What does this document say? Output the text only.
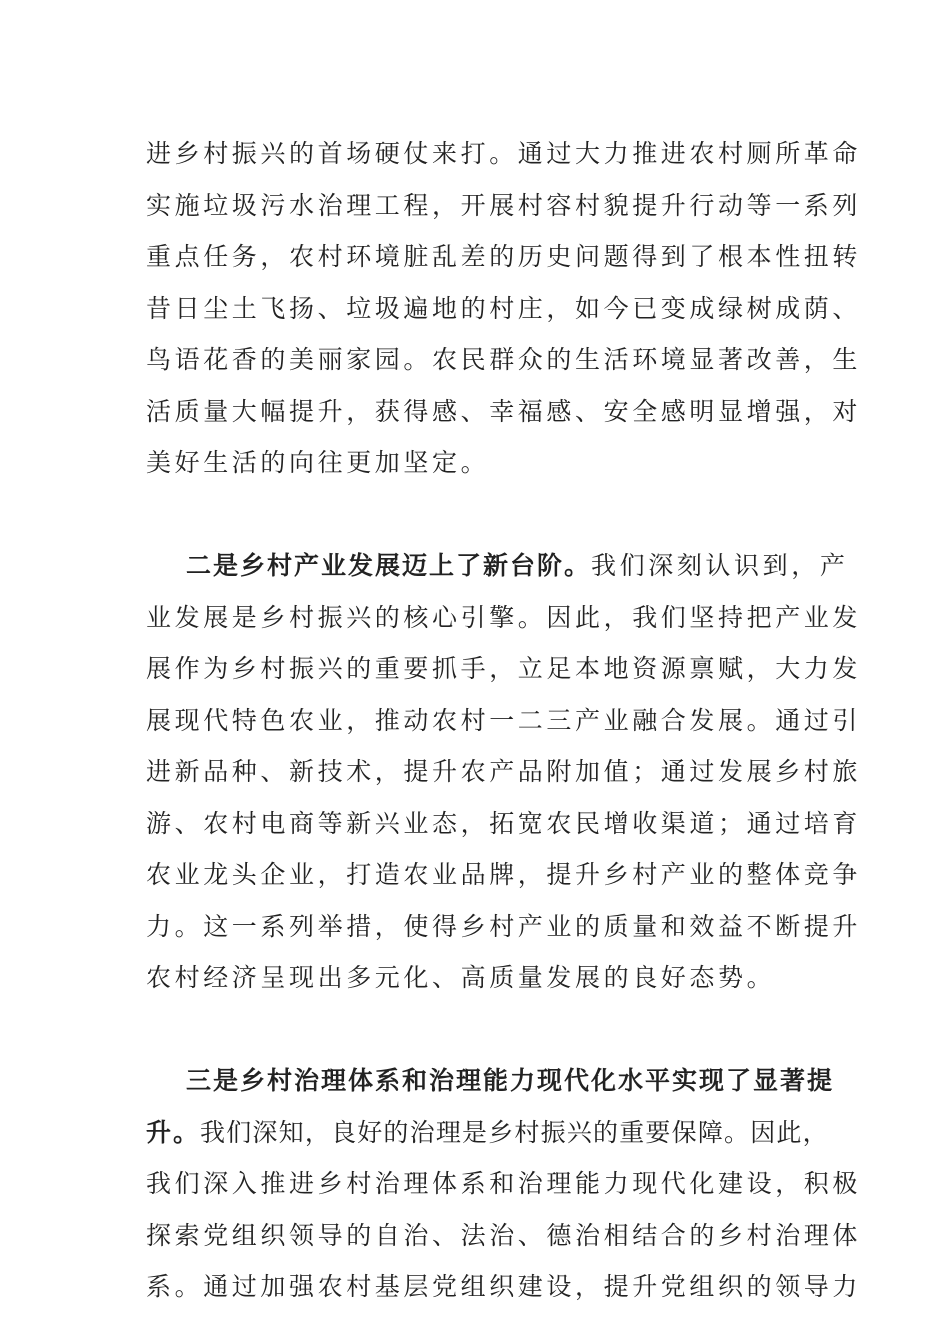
进乡村振兴的首场硬仗来打。通过大力推进农村厕所革命
实施垃圾污水治理工程，开展村容村貌提升行动等一系列
重点任务，农村环境脏乱差的历史问题得到了根本性扭转
昔日尘土飞扬、垃圾遍地的村庄，如今已变成绿树成荫、
鸟语花香的美丽家园。农民群众的生活环境显著改善，生
活质量大幅提升，获得感、幸福感、安全感明显增强，对
美好生活的向往更加坚定。
二是乡村产业发展迈上了新台阶。我们深刻认识到，产
业发展是乡村振兴的核心引擎。因此，我们坚持把产业发
展作为乡村振兴的重要抓手，立足本地资源禀赋，大力发
展现代特色农业，推动农村一二三产业融合发展。通过引
进新品种、新技术，提升农产品附加值；通过发展乡村旅
游、农村电商等新兴业态，拓宽农民增收渠道；通过培育
农业龙头企业，打造农业品牌，提升乡村产业的整体竞争
力。这一系列举措，使得乡村产业的质量和效益不断提升
农村经济呈现出多元化、高质量发展的良好态势。
三是乡村治理体系和治理能力现代化水平实现了显著提
升。我们深知，良好的治理是乡村振兴的重要保障。因此，
我们深入推进乡村治理体系和治理能力现代化建设，积极
探索党组织领导的自治、法治、德治相结合的乡村治理体
系。通过加强农村基层党组织建设，提升党组织的领导力
